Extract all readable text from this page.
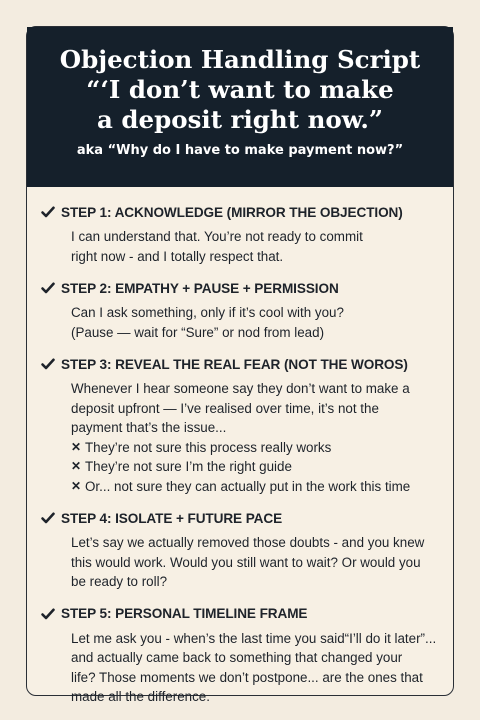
Objection Handling Script
“‘I don’t want to make a deposit right now.”
aka “Why do I have to make payment now?”
STEP 1: ACKNOWLEDGE (MIRROR THE OBJECTION)
I can understand that. You’re not ready to commit
right now - and I totally respect that.
STEP 2: EMPATHY + PAUSE + PERMISSION
Can I ask something, only if it’s cool with you?
(Pause — wait for “Sure” or nod from lead)
STEP 3: REVEAL THE REAL FEAR (NOT THE WOROS)
Whenever I hear someone say they don’t want to make a
deposit upfront — I’ve realised over time, it’s not the
payment that’s the issue...
✕ They’re not sure this process really works
✕ They’re not sure I’m the right guide
✕ Or... not sure they can actually put in the work this time
STEP 4: ISOLATE + FUTURE PACE
Let’s say we actually removed those doubts - and you knew
this would work. Would you still want to wait? Or would you
be ready to roll?
STEP 5: PERSONAL TIMELINE FRAME
Let me ask you - when’s the last time you said“I’ll do it later”...
and actually came back to something that changed your
life? Those moments we don’t postpone... are the ones that
made all the difference.
